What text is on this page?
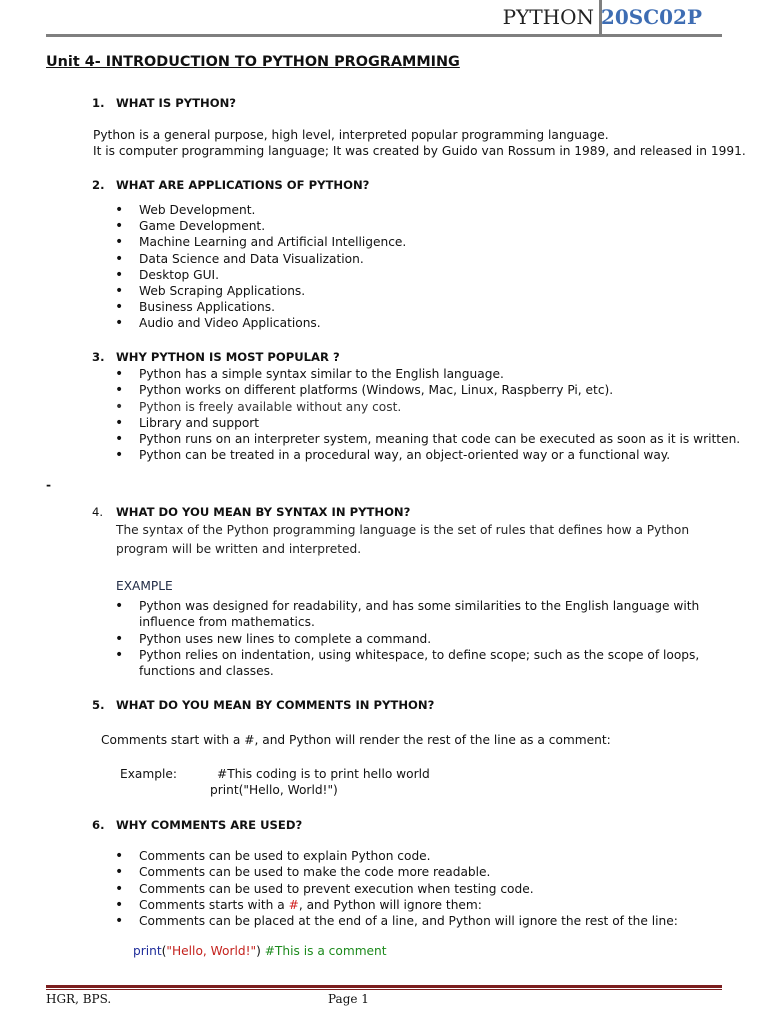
PYTHON 20SC02P
Unit 4- INTRODUCTION TO PYTHON PROGRAMMING
1. WHAT IS PYTHON?
Python is a general purpose, high level, interpreted popular programming language.
It is computer programming language; It was created by Guido van Rossum in 1989, and released in 1991.
2. WHAT ARE APPLICATIONS OF PYTHON?
• Web Development.
• Game Development.
• Machine Learning and Artificial Intelligence.
• Data Science and Data Visualization.
• Desktop GUI.
• Web Scraping Applications.
• Business Applications.
• Audio and Video Applications.
3. WHY PYTHON IS MOST POPULAR ?
• Python has a simple syntax similar to the English language.
• Python works on different platforms (Windows, Mac, Linux, Raspberry Pi, etc).
• Python is freely available without any cost.
• Library and support
• Python runs on an interpreter system, meaning that code can be executed as soon as it is written.
• Python can be treated in a procedural way, an object-oriented way or a functional way.
-
4. WHAT DO YOU MEAN BY SYNTAX IN PYTHON?
The syntax of the Python programming language is the set of rules that defines how a Python program will be written and interpreted.
EXAMPLE
• Python was designed for readability, and has some similarities to the English language with influence from mathematics.
• Python uses new lines to complete a command.
• Python relies on indentation, using whitespace, to define scope; such as the scope of loops, functions and classes.
5. WHAT DO YOU MEAN BY COMMENTS IN PYTHON?
Comments start with a #, and Python will render the rest of the line as a comment:
Example:	#This coding is to print hello world
print("Hello, World!")
6. WHY COMMENTS ARE USED?
• Comments can be used to explain Python code.
• Comments can be used to make the code more readable.
• Comments can be used to prevent execution when testing code.
• Comments starts with a #, and Python will ignore them:
• Comments can be placed at the end of a line, and Python will ignore the rest of the line:
print("Hello, World!") #This is a comment
HGR, BPS.	Page 1
